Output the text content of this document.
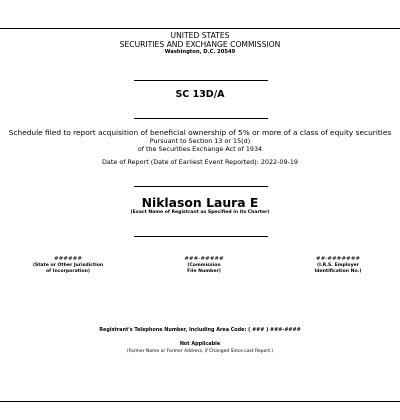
UNITED STATES
SECURITIES AND EXCHANGE COMMISSION
Washington, D.C. 20549
SC 13D/A
Schedule filed to report acquisition of beneficial ownership of 5% or more of a class of equity securities
Pursuant to Section 13 or 15(d)
of the Securities Exchange Act of 1934
Date of Report (Date of Earliest Event Reported): 2022-09-19
Niklason Laura E
(Exact Name of Registrant as Specified in its Charter)
######
(State or Other Jurisdiction
of Incorporation)
###-#####
(Commission
File Number)
##-#######
(I.R.S. Employer
Identification No.)
Registrant's Telephone Number, Including Area Code: ( ### ) ###-####
Not Applicable
(Former Name or Former Address, if Changed Since Last Report.)
